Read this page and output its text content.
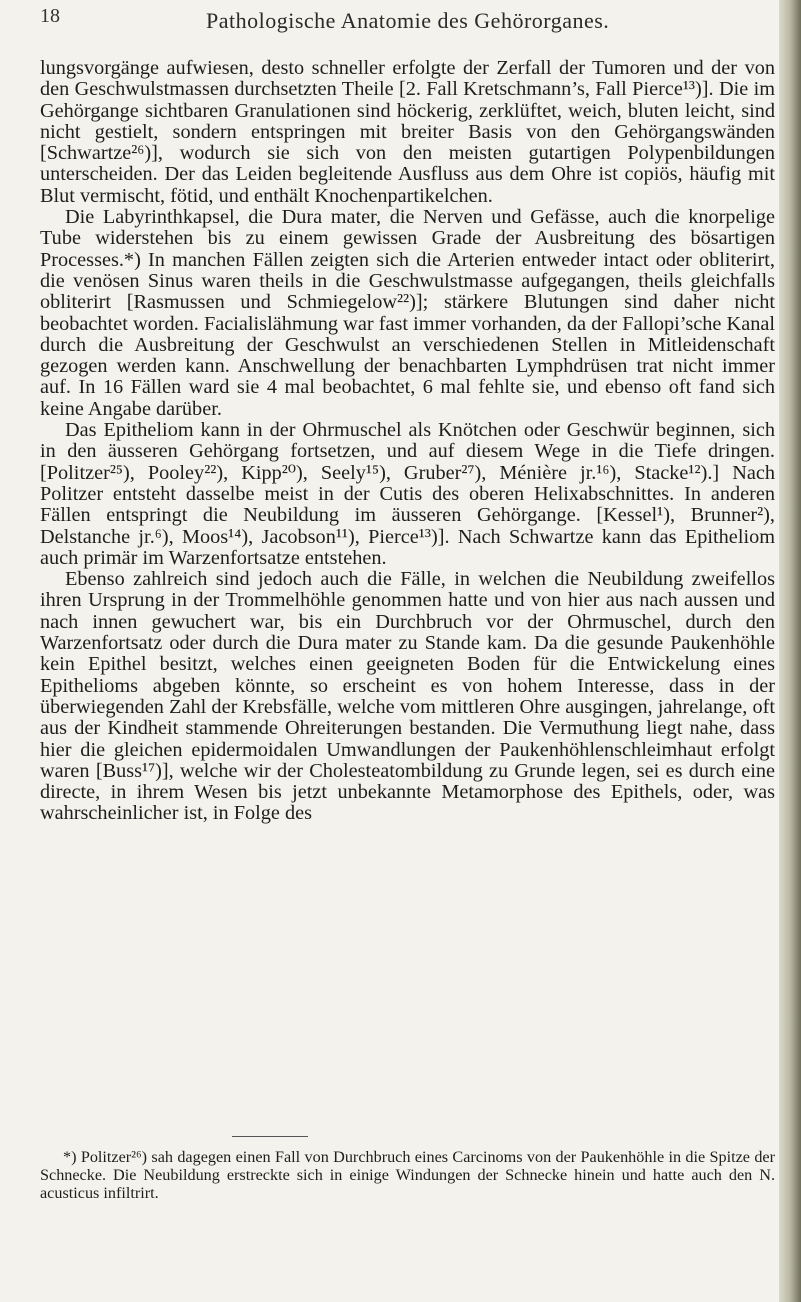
18	Pathologische Anatomie des Gehörorganes.

lungsvorgänge aufwiesen, desto schneller erfolgte der Zerfall der Tumoren und der von den Geschwulstmassen durchsetzten Theile [2. Fall Kretschmann’s, Fall Pierce¹³)]. Die im Gehörgange sichtbaren Granulationen sind höckerig, zerklüftet, weich, bluten leicht, sind nicht gestielt, sondern entspringen mit breiter Basis von den Gehörgangswänden [Schwartze²⁶)], wodurch sie sich von den meisten gutartigen Polypenbildungen unterscheiden. Der das Leiden begleitende Ausfluss aus dem Ohre ist copiös, häufig mit Blut vermischt, fötid, und enthält Knochenpartikelchen.

Die Labyrinthkapsel, die Dura mater, die Nerven und Gefässe, auch die knorpelige Tube widerstehen bis zu einem gewissen Grade der Ausbreitung des bösartigen Processes.*) In manchen Fällen zeigten sich die Arterien entweder intact oder obliterirt, die venösen Sinus waren theils in die Geschwulstmasse aufgegangen, theils gleichfalls obliterirt [Rasmussen und Schmiegelow²²)]; stärkere Blutungen sind daher nicht beobachtet worden. Facialislähmung war fast immer vorhanden, da der Fallopi’sche Kanal durch die Ausbreitung der Geschwulst an verschiedenen Stellen in Mitleidenschaft gezogen werden kann. Anschwellung der benachbarten Lymphdrüsen trat nicht immer auf. In 16 Fällen ward sie 4 mal beobachtet, 6 mal fehlte sie, und ebenso oft fand sich keine Angabe darüber.

Das Epitheliom kann in der Ohrmuschel als Knötchen oder Geschwür beginnen, sich in den äusseren Gehörgang fortsetzen, und auf diesem Wege in die Tiefe dringen. [Politzer²⁵), Pooley²²), Kipp²⁰), Seely¹⁵), Gruber²⁷), Ménière jr.¹⁶), Stacke¹²).] Nach Politzer entsteht dasselbe meist in der Cutis des oberen Helixabschnittes. In anderen Fällen entspringt die Neubildung im äusseren Gehörgange. [Kessel¹), Brunner²), Delstanche jr.⁶), Moos¹⁴), Jacobson¹¹), Pierce¹³)]. Nach Schwartze kann das Epitheliom auch primär im Warzenfortsatze entstehen.

Ebenso zahlreich sind jedoch auch die Fälle, in welchen die Neubildung zweifellos ihren Ursprung in der Trommelhöhle genommen hatte und von hier aus nach aussen und nach innen gewuchert war, bis ein Durchbruch vor der Ohrmuschel, durch den Warzenfortsatz oder durch die Dura mater zu Stande kam. Da die gesunde Paukenhöhle kein Epithel besitzt, welches einen geeigneten Boden für die Entwickelung eines Epithelioms abgeben könnte, so erscheint es von hohem Interesse, dass in der überwiegenden Zahl der Krebsfälle, welche vom mittleren Ohre ausgingen, jahrelange, oft aus der Kindheit stammende Ohreiterungen bestanden. Die Vermuthung liegt nahe, dass hier die gleichen epidermoidalen Umwandlungen der Paukenhöhlenschleimhaut erfolgt waren [Buss¹⁷)], welche wir der Cholesteatombildung zu Grunde legen, sei es durch eine directe, in ihrem Wesen bis jetzt unbekannte Metamorphose des Epithels, oder, was wahrscheinlicher ist, in Folge des

*) Politzer²⁶) sah dagegen einen Fall von Durchbruch eines Carcinoms von der Paukenhöhle in die Spitze der Schnecke. Die Neubildung erstreckte sich in einige Windungen der Schnecke hinein und hatte auch den N. acusticus infiltrirt.
